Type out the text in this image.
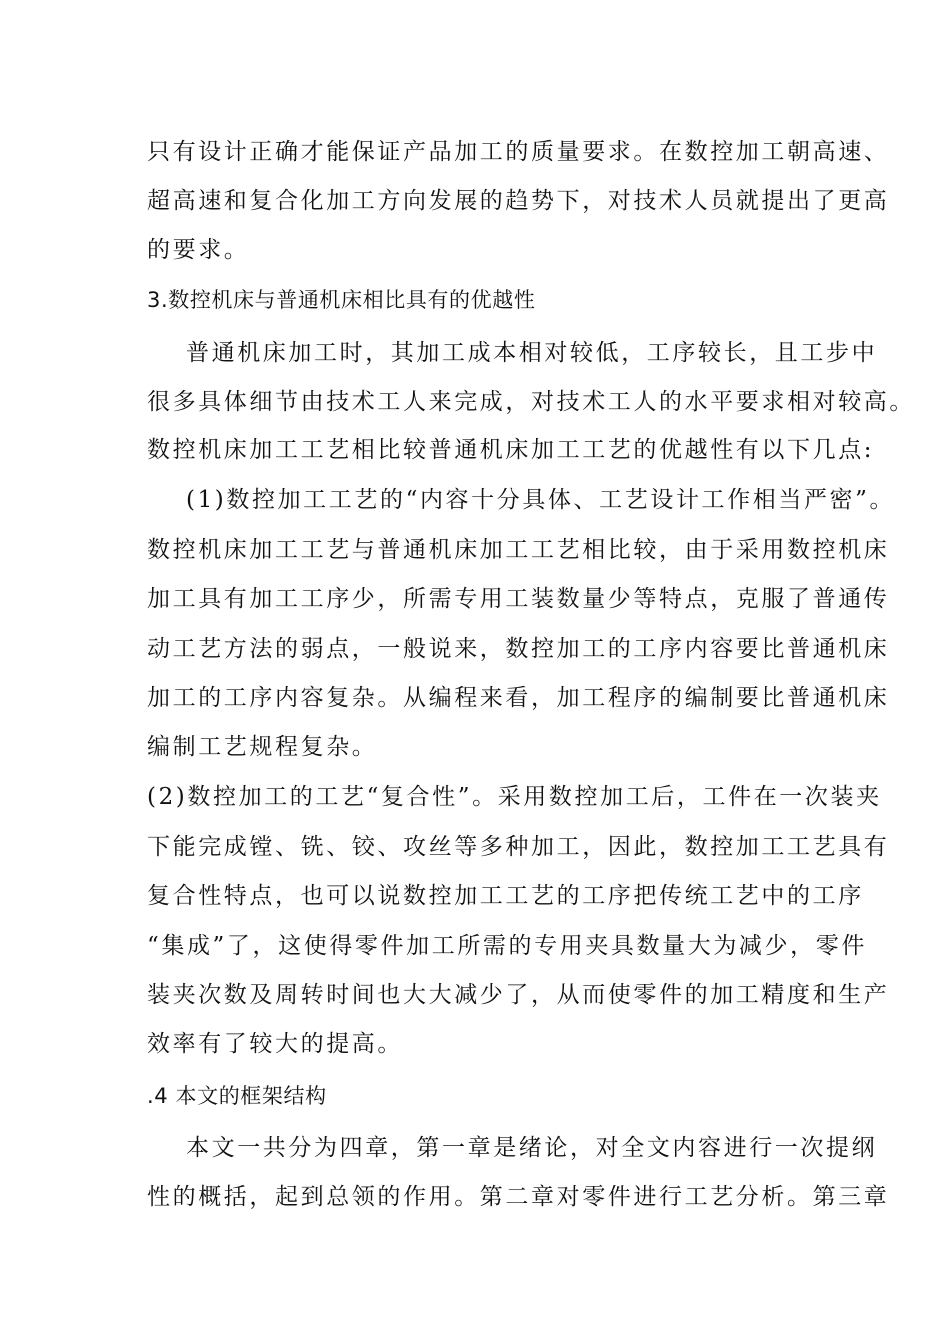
只有设计正确才能保证产品加工的质量要求。在数控加工朝高速、
超高速和复合化加工方向发展的趋势下，对技术人员就提出了更高
的要求。
3.数控机床与普通机床相比具有的优越性
普通机床加工时，其加工成本相对较低，工序较长，且工步中
很多具体细节由技术工人来完成，对技术工人的水平要求相对较高。
数控机床加工工艺相比较普通机床加工工艺的优越性有以下几点:
(1)数控加工工艺的“内容十分具体、工艺设计工作相当严密”。
数控机床加工工艺与普通机床加工工艺相比较，由于采用数控机床
加工具有加工工序少，所需专用工装数量少等特点，克服了普通传
动工艺方法的弱点，一般说来，数控加工的工序内容要比普通机床
加工的工序内容复杂。从编程来看，加工程序的编制要比普通机床
编制工艺规程复杂。
(2)数控加工的工艺“复合性”。采用数控加工后，工件在一次装夹
下能完成镗、铣、铰、攻丝等多种加工，因此，数控加工工艺具有
复合性特点，也可以说数控加工工艺的工序把传统工艺中的工序
“集成”了，这使得零件加工所需的专用夹具数量大为减少，零件
装夹次数及周转时间也大大减少了，从而使零件的加工精度和生产
效率有了较大的提高。
.4 本文的框架结构
本文一共分为四章，第一章是绪论，对全文内容进行一次提纲
性的概括，起到总领的作用。第二章对零件进行工艺分析。第三章
